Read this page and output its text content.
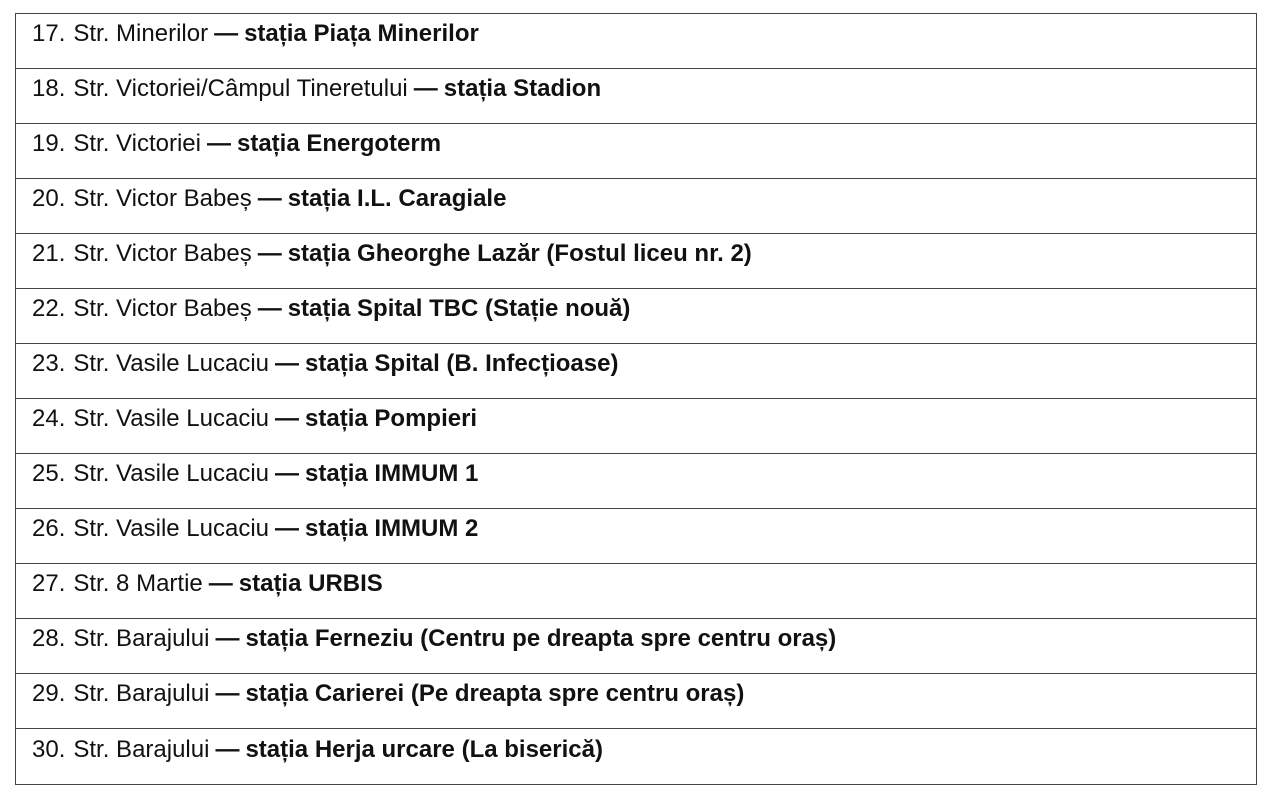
17. Str. Minerilor — stația Piața Minerilor
18. Str. Victoriei/Câmpul Tineretului — stația Stadion
19. Str. Victoriei — stația Energoterm
20. Str. Victor Babeș — stația I.L. Caragiale
21. Str. Victor Babeș — stația Gheorghe Lazăr (Fostul liceu nr. 2)
22. Str. Victor Babeș — stația Spital TBC (Stație nouă)
23. Str. Vasile Lucaciu — stația Spital (B. Infecțioase)
24. Str. Vasile Lucaciu — stația Pompieri
25. Str. Vasile Lucaciu — stația IMMUM 1
26. Str. Vasile Lucaciu — stația IMMUM 2
27. Str. 8 Martie — stația URBIS
28. Str. Barajului — stația Ferneziu (Centru pe dreapta spre centru oraș)
29. Str. Barajului — stația Carierei (Pe dreapta spre centru oraș)
30. Str. Barajului — stația Herja urcare (La biserică)
